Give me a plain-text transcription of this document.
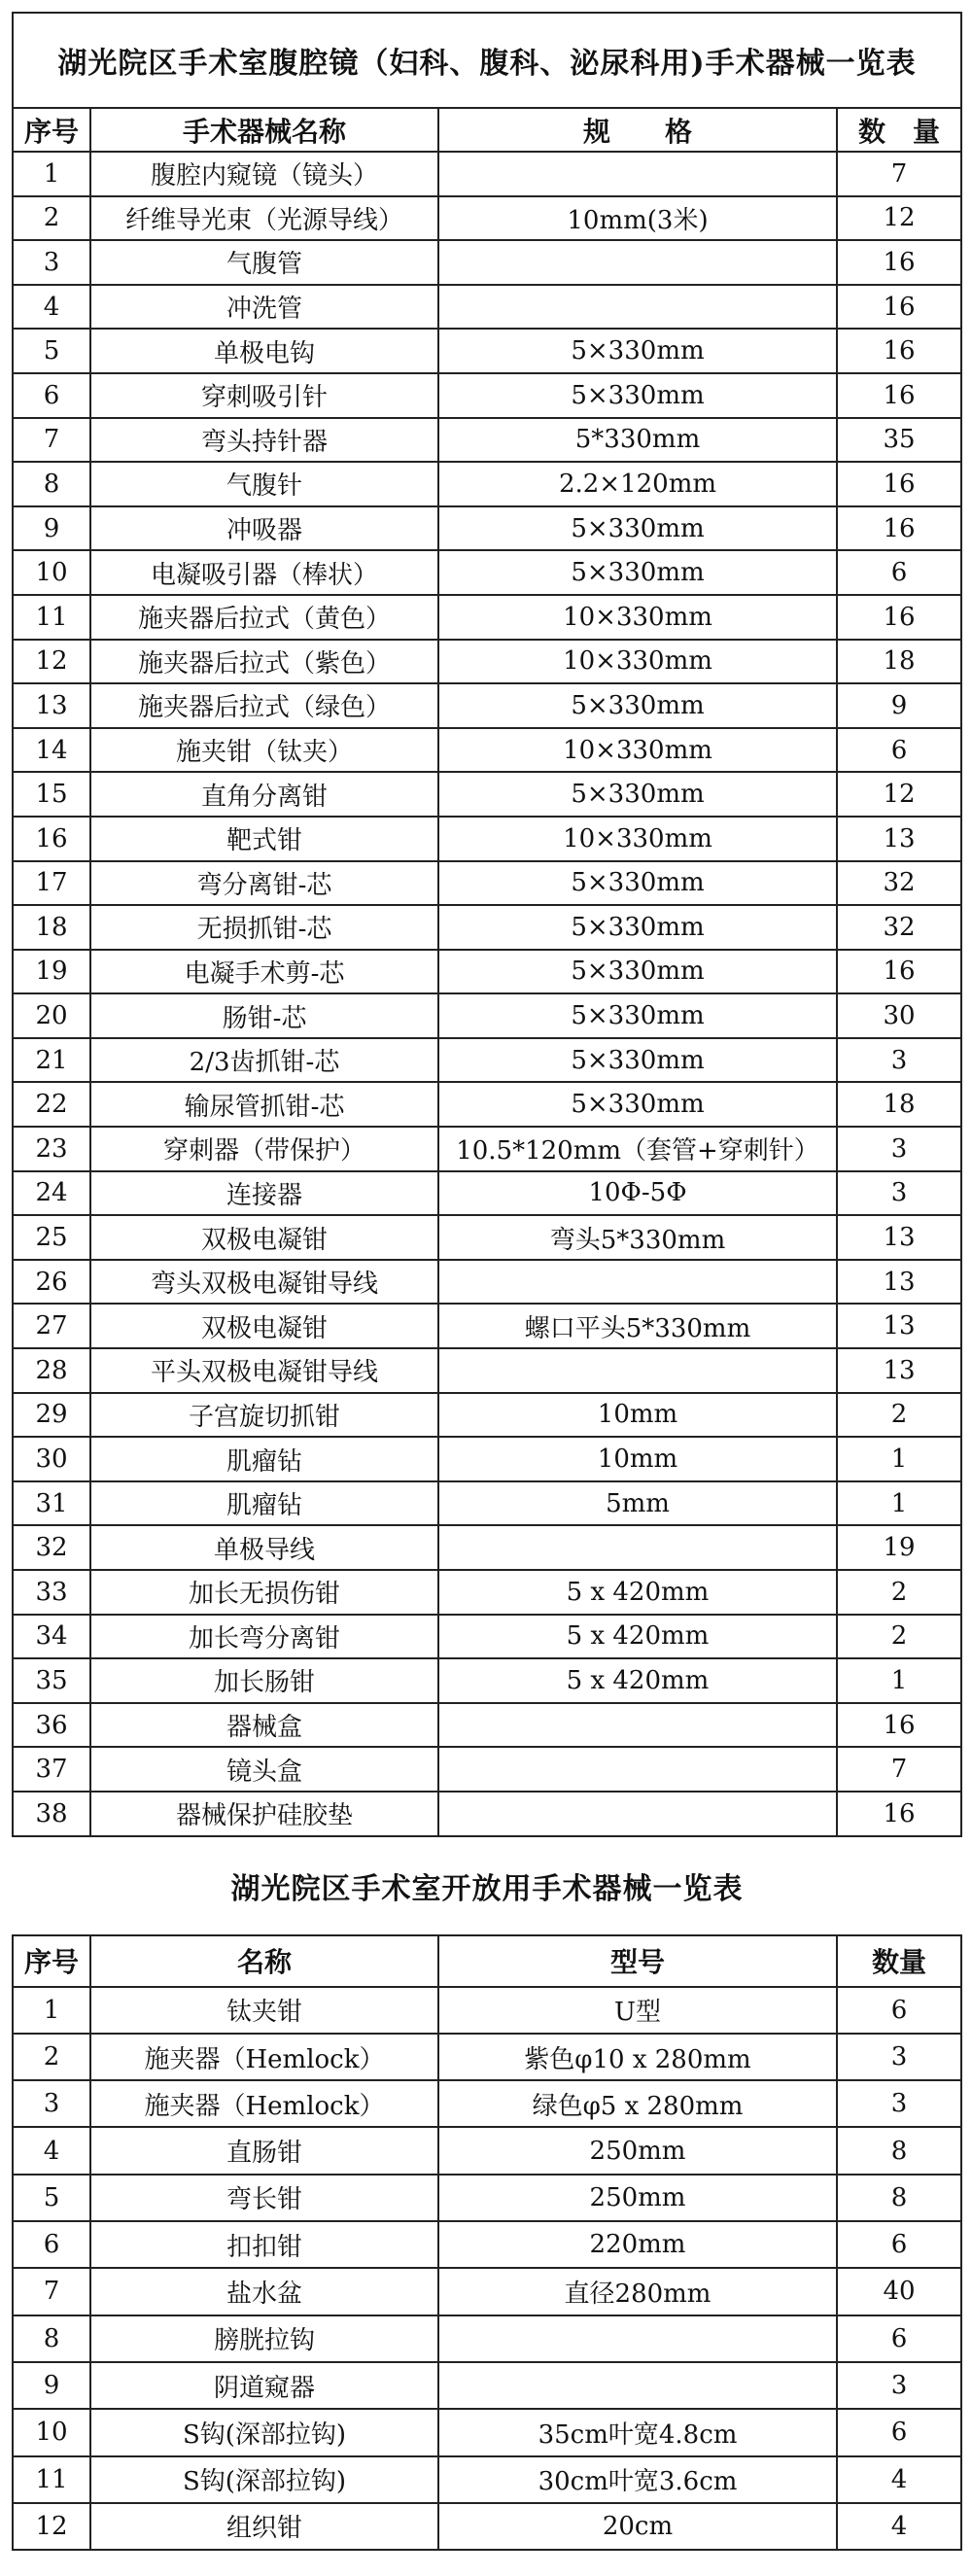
湖光院区手术室腹腔镜（妇科、腹科、泌尿科用)手术器械一览表			
序号	手术器械名称	规　　格	数　量
1	腹腔内窥镜（镜头）		7
2	纤维导光束（光源导线）	10mm(3米)	12
3	气腹管		16
4	冲洗管		16
5	单极电钩	5×330mm	16
6	穿刺吸引针	5×330mm	16
7	弯头持针器	5*330mm	35
8	气腹针	2.2×120mm	16
9	冲吸器	5×330mm	16
10	电凝吸引器（棒状）	5×330mm	6
11	施夹器后拉式（黄色）	10×330mm	16
12	施夹器后拉式（紫色）	10×330mm	18
13	施夹器后拉式（绿色）	5×330mm	9
14	施夹钳（钛夹）	10×330mm	6
15	直角分离钳	5×330mm	12
16	靶式钳	10×330mm	13
17	弯分离钳-芯	5×330mm	32
18	无损抓钳-芯	5×330mm	32
19	电凝手术剪-芯	5×330mm	16
20	肠钳-芯	5×330mm	30
21	2/3齿抓钳-芯	5×330mm	3
22	输尿管抓钳-芯	5×330mm	18
23	穿刺器（带保护）	10.5*120mm（套管+穿刺针）	3
24	连接器	10Φ-5Φ	3
25	双极电凝钳	弯头5*330mm	13
26	弯头双极电凝钳导线		13
27	双极电凝钳	螺口平头5*330mm	13
28	平头双极电凝钳导线		13
29	子宫旋切抓钳	10mm	2
30	肌瘤钻	10mm	1
31	肌瘤钻	5mm	1
32	单极导线		19
33	加长无损伤钳	5 x 420mm	2
34	加长弯分离钳	5 x 420mm	2
35	加长肠钳	5 x 420mm	1
36	器械盒		16
37	镜头盒		7
38	器械保护硅胶垫		16
湖光院区手术室开放用手术器械一览表			
序号	名称	型号	数量
1	钛夹钳	U型	6
2	施夹器（Hemlock）	紫色φ10 x 280mm	3
3	施夹器（Hemlock）	绿色φ5 x 280mm	3
4	直肠钳	250mm	8
5	弯长钳	250mm	8
6	扣扣钳	220mm	6
7	盐水盆	直径280mm	40
8	膀胱拉钩		6
9	阴道窥器		3
10	S钩(深部拉钩)	35cm叶宽4.8cm	6
11	S钩(深部拉钩)	30cm叶宽3.6cm	4
12	组织钳	20cm	4
